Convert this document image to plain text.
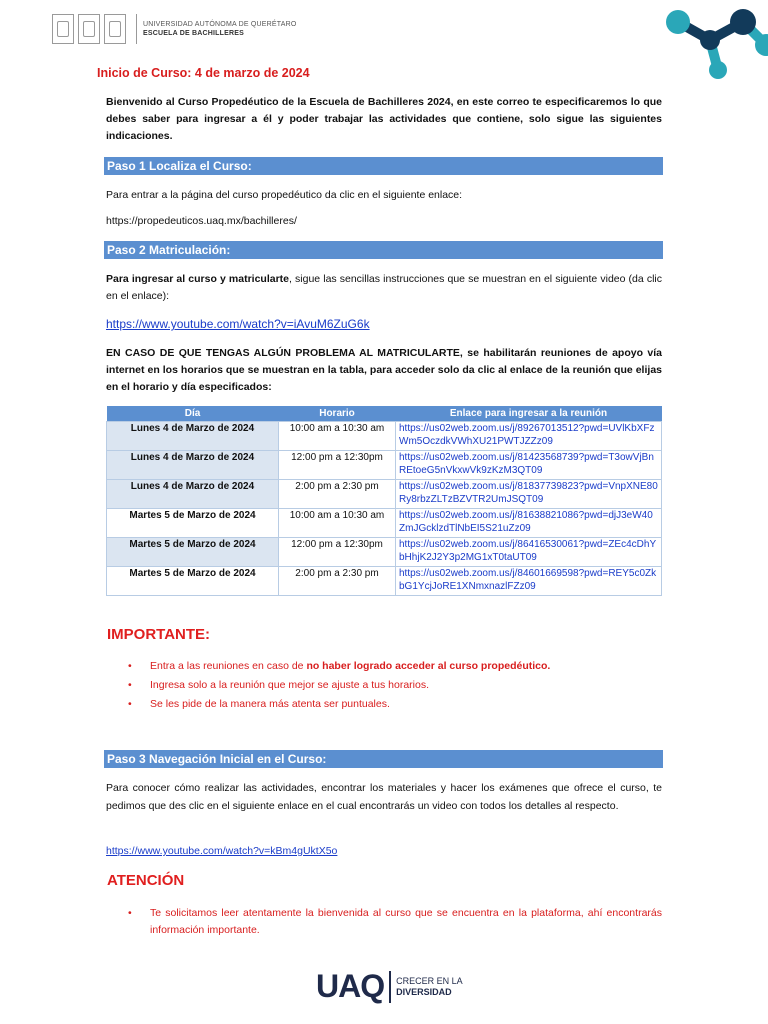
UNIVERSIDAD AUTÓNOMA DE QUERÉTARO
ESCUELA DE BACHILLERES
Inicio de Curso: 4 de marzo de 2024
Bienvenido al Curso Propedéutico de la Escuela de Bachilleres 2024, en este correo te especificaremos lo que debes saber para ingresar a él y poder trabajar las actividades que contiene, solo sigue las siguientes indicaciones.
Paso 1 Localiza el Curso:
Para entrar a la página del curso propedéutico da clic en el siguiente enlace:
https://propedeuticos.uaq.mx/bachilleres/
Paso 2 Matriculación:
Para ingresar al curso y matricularte, sigue las sencillas instrucciones que se muestran en el siguiente video (da clic en el enlace):
https://www.youtube.com/watch?v=iAvuM6ZuG6k
EN CASO DE QUE TENGAS ALGÚN PROBLEMA AL MATRICULARTE, se habilitarán reuniones de apoyo vía internet en los horarios que se muestran en la tabla, para acceder solo da clic al enlace de la reunión que elijas en el horario y día especificados:
Día	Horario	Enlace para ingresar a la reunión
Lunes 4 de Marzo de 2024	10:00 am a 10:30 am	https://us02web.zoom.us/j/89267013512?pwd=UVlKbXFzWm5OczdkVWhXU21PWTJZZz09
Lunes 4 de Marzo de 2024	12:00 pm a 12:30pm	https://us02web.zoom.us/j/81423568739?pwd=T3owVjBnREtoeG5nVkxwVk9zKzM3QT09
Lunes 4 de Marzo de 2024	2:00 pm a 2:30 pm	https://us02web.zoom.us/j/81837739823?pwd=VnpXNE80Ry8rbzZLTzBZVTR2UmJSQT09
Martes 5 de Marzo de 2024	10:00 am a 10:30 am	https://us02web.zoom.us/j/81638821086?pwd=djJ3eW40ZmJGcklzdTlNbEI5S21uZz09
Martes 5 de Marzo de 2024	12:00 pm a 12:30pm	https://us02web.zoom.us/j/86416530061?pwd=ZEc4cDhYbHhjK2J2Y3p2MG1xT0taUT09
Martes 5 de Marzo de 2024	2:00 pm a 2:30 pm	https://us02web.zoom.us/j/84601669598?pwd=REY5c0ZkbG1YcjJoRE1XNmxnazlFZz09
IMPORTANTE:
• Entra a las reuniones en caso de no haber logrado acceder al curso propedéutico.
• Ingresa solo a la reunión que mejor se ajuste a tus horarios.
• Se les pide de la manera más atenta ser puntuales.
Paso 3 Navegación Inicial en el Curso:
Para conocer cómo realizar las actividades, encontrar los materiales y hacer los exámenes que ofrece el curso, te pedimos que des clic en el siguiente enlace en el cual encontrarás un video con todos los detalles al respecto.
https://www.youtube.com/watch?v=kBm4gUktX5o
ATENCIÓN
• Te solicitamos leer atentamente la bienvenida al curso que se encuentra en la plataforma, ahí encontrarás información importante.
UAQ CRECER EN LA
DIVERSIDAD
